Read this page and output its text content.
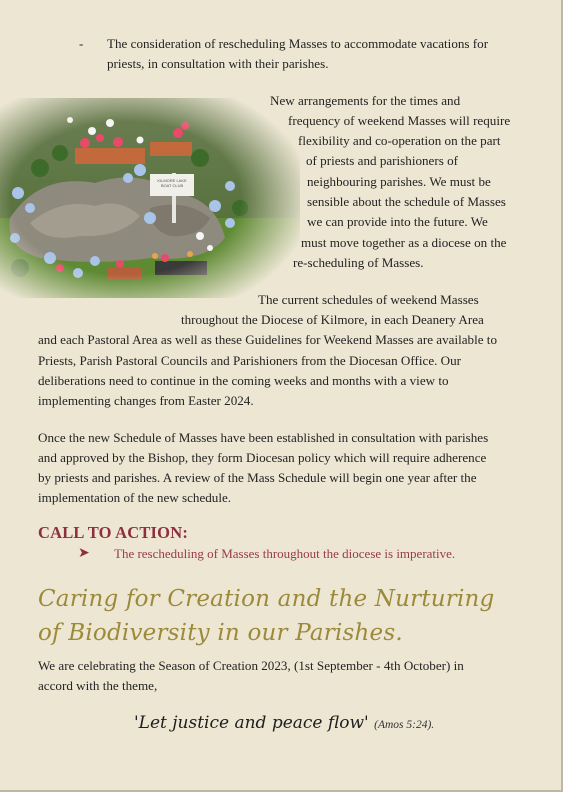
- The consideration of rescheduling Masses to accommodate vacations for
priests, in consultation with their parishes.
KILMORE LAKE BOAT CLUB
New arrangements for the times and
frequency of weekend Masses will require
flexibility and co-operation on the part
of priests and parishioners of
neighbouring parishes. We must be
sensible about the schedule of Masses
we can provide into the future. We
must move together as a diocese on the
re-scheduling of Masses.
The current schedules of weekend Masses
throughout the Diocese of Kilmore, in each Deanery Area
and each Pastoral Area as well as these Guidelines for Weekend Masses are available to
Priests, Parish Pastoral Councils and Parishioners from the Diocesan Office. Our
deliberations need to continue in the coming weeks and months with a view to
implementing changes from Easter 2024.
Once the new Schedule of Masses have been established in consultation with parishes
and approved by the Bishop, they form Diocesan policy which will require adherence
by priests and parishes. A review of the Mass Schedule will begin one year after the
implementation of the new schedule.
CALL TO ACTION:
➤ The rescheduling of Masses throughout the diocese is imperative.
Caring for Creation and the Nurturing
of Biodiversity in our Parishes.
We are celebrating the Season of Creation 2023, (1st September - 4th October) in
accord with the theme,
'Let justice and peace flow' (Amos 5:24).
